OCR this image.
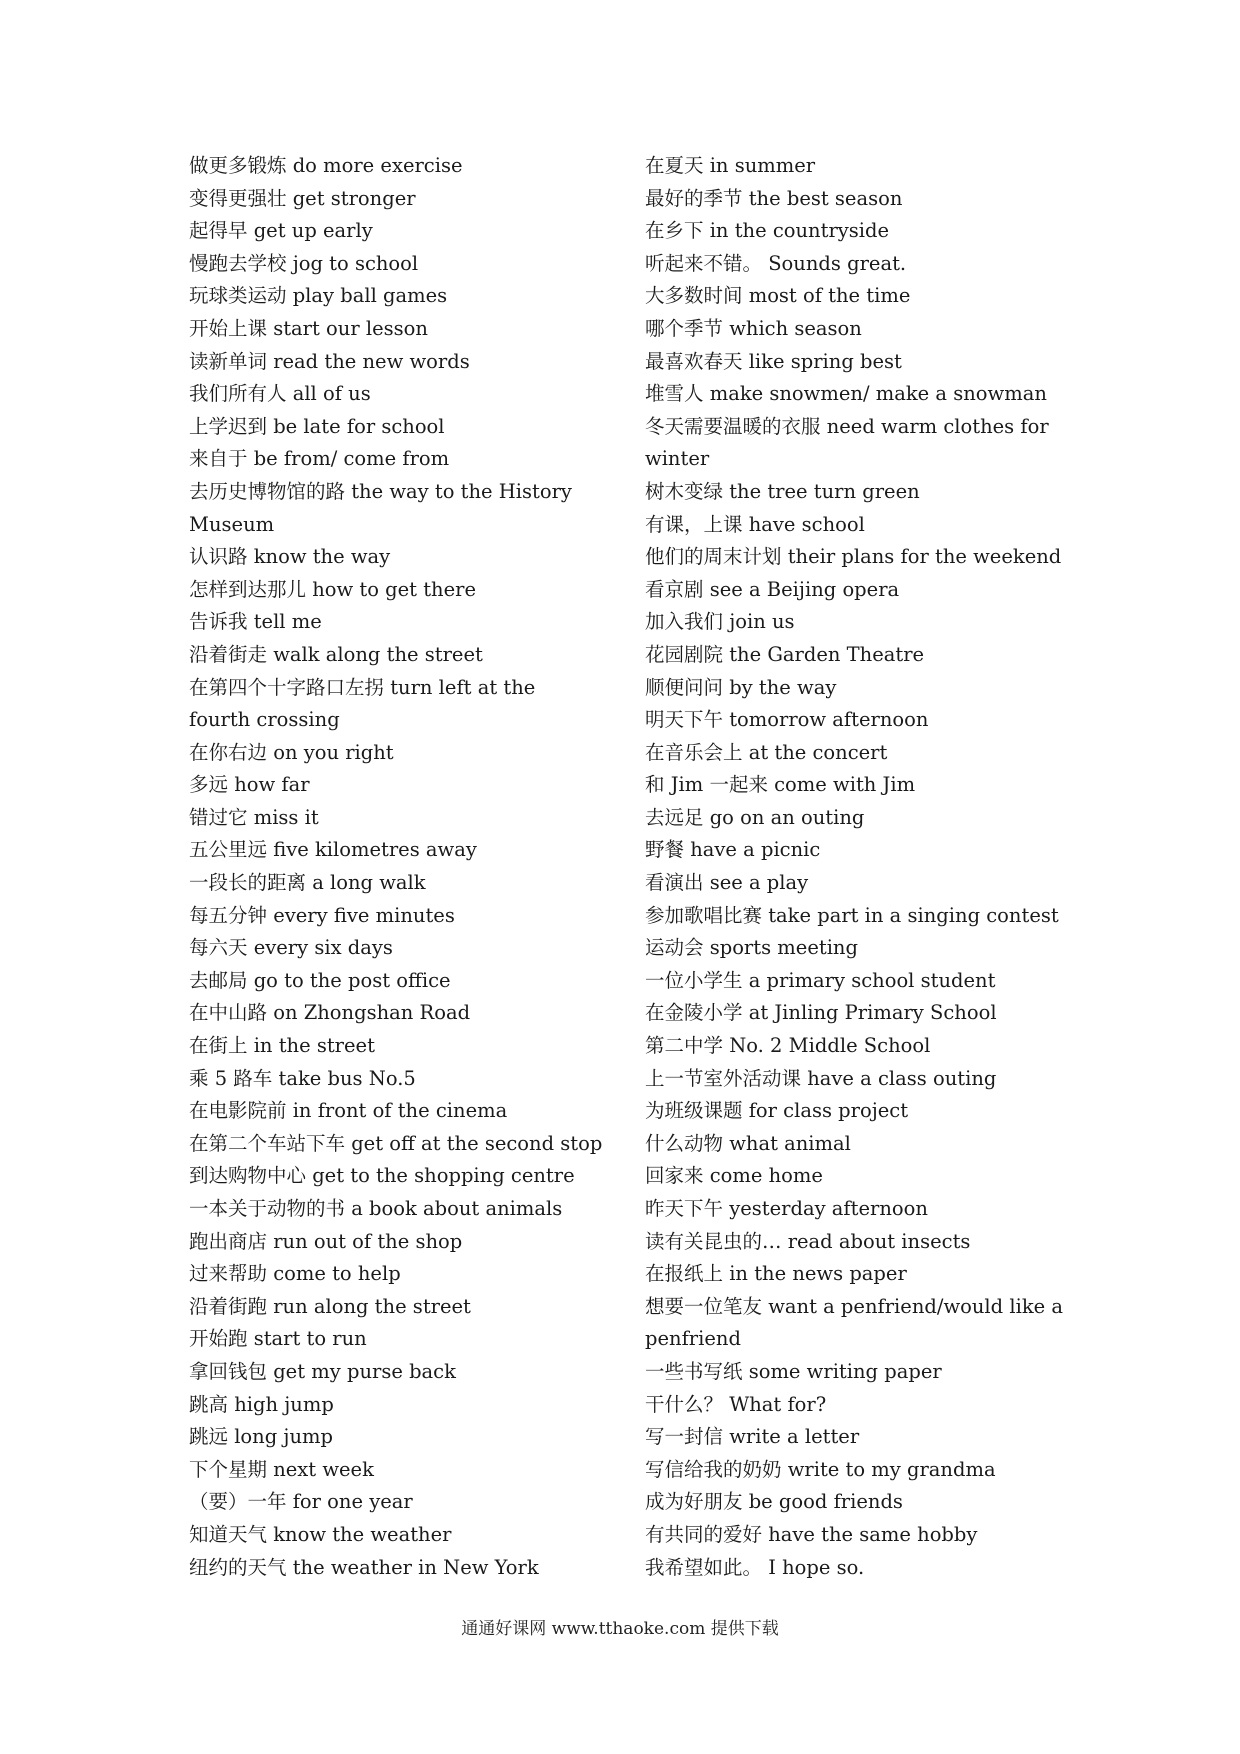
做更多锻炼 do more exercise
变得更强壮 get stronger
起得早 get up early
慢跑去学校 jog to school
玩球类运动 play ball games
开始上课 start our lesson
读新单词 read the new words
我们所有人 all of us
上学迟到 be late for school
来自于 be from/ come from
去历史博物馆的路 the way to the History
Museum
认识路 know the way
怎样到达那儿 how to get there
告诉我 tell me
沿着街走 walk along the street
在第四个十字路口左拐 turn left at the
fourth crossing
在你右边 on you right
多远 how far
错过它 miss it
五公里远 five kilometres away
一段长的距离 a long walk
每五分钟 every five minutes
每六天 every six days
去邮局 go to the post office
在中山路 on Zhongshan Road
在街上 in the street
乘 5 路车 take bus No.5
在电影院前 in front of the cinema
在第二个车站下车 get off at the second stop
到达购物中心 get to the shopping centre
一本关于动物的书 a book about animals
跑出商店 run out of the shop
过来帮助 come to help
沿着街跑 run along the street
开始跑 start to run
拿回钱包 get my purse back
跳高 high jump
跳远 long jump
下个星期 next week
（要）一年 for one year
知道天气 know the weather
纽约的天气 the weather in New York
在夏天 in summer
最好的季节 the best season
在乡下 in the countryside
听起来不错。 Sounds great.
大多数时间 most of the time
哪个季节 which season
最喜欢春天 like spring best
堆雪人 make snowmen/ make a snowman
冬天需要温暖的衣服 need warm clothes for
winter
树木变绿 the tree turn green
有课，上课 have school
他们的周末计划 their plans for the weekend
看京剧 see a Beijing opera
加入我们 join us
花园剧院 the Garden Theatre
顺便问问 by the way
明天下午 tomorrow afternoon
在音乐会上 at the concert
和 Jim 一起来 come with Jim
去远足 go on an outing
野餐 have a picnic
看演出 see a play
参加歌唱比赛 take part in a singing contest
运动会 sports meeting
一位小学生 a primary school student
在金陵小学 at Jinling Primary School
第二中学 No. 2 Middle School
上一节室外活动课 have a class outing
为班级课题 for class project
什么动物 what animal
回家来 come home
昨天下午 yesterday afternoon
读有关昆虫的… read about insects
在报纸上 in the news paper
想要一位笔友 want a penfriend/would like a
penfriend
一些书写纸 some writing paper
干什么？ What for?
写一封信 write a letter
写信给我的奶奶 write to my grandma
成为好朋友 be good friends
有共同的爱好 have the same hobby
我希望如此。 I hope so.
通通好课网 www.tthaoke.com 提供下载
